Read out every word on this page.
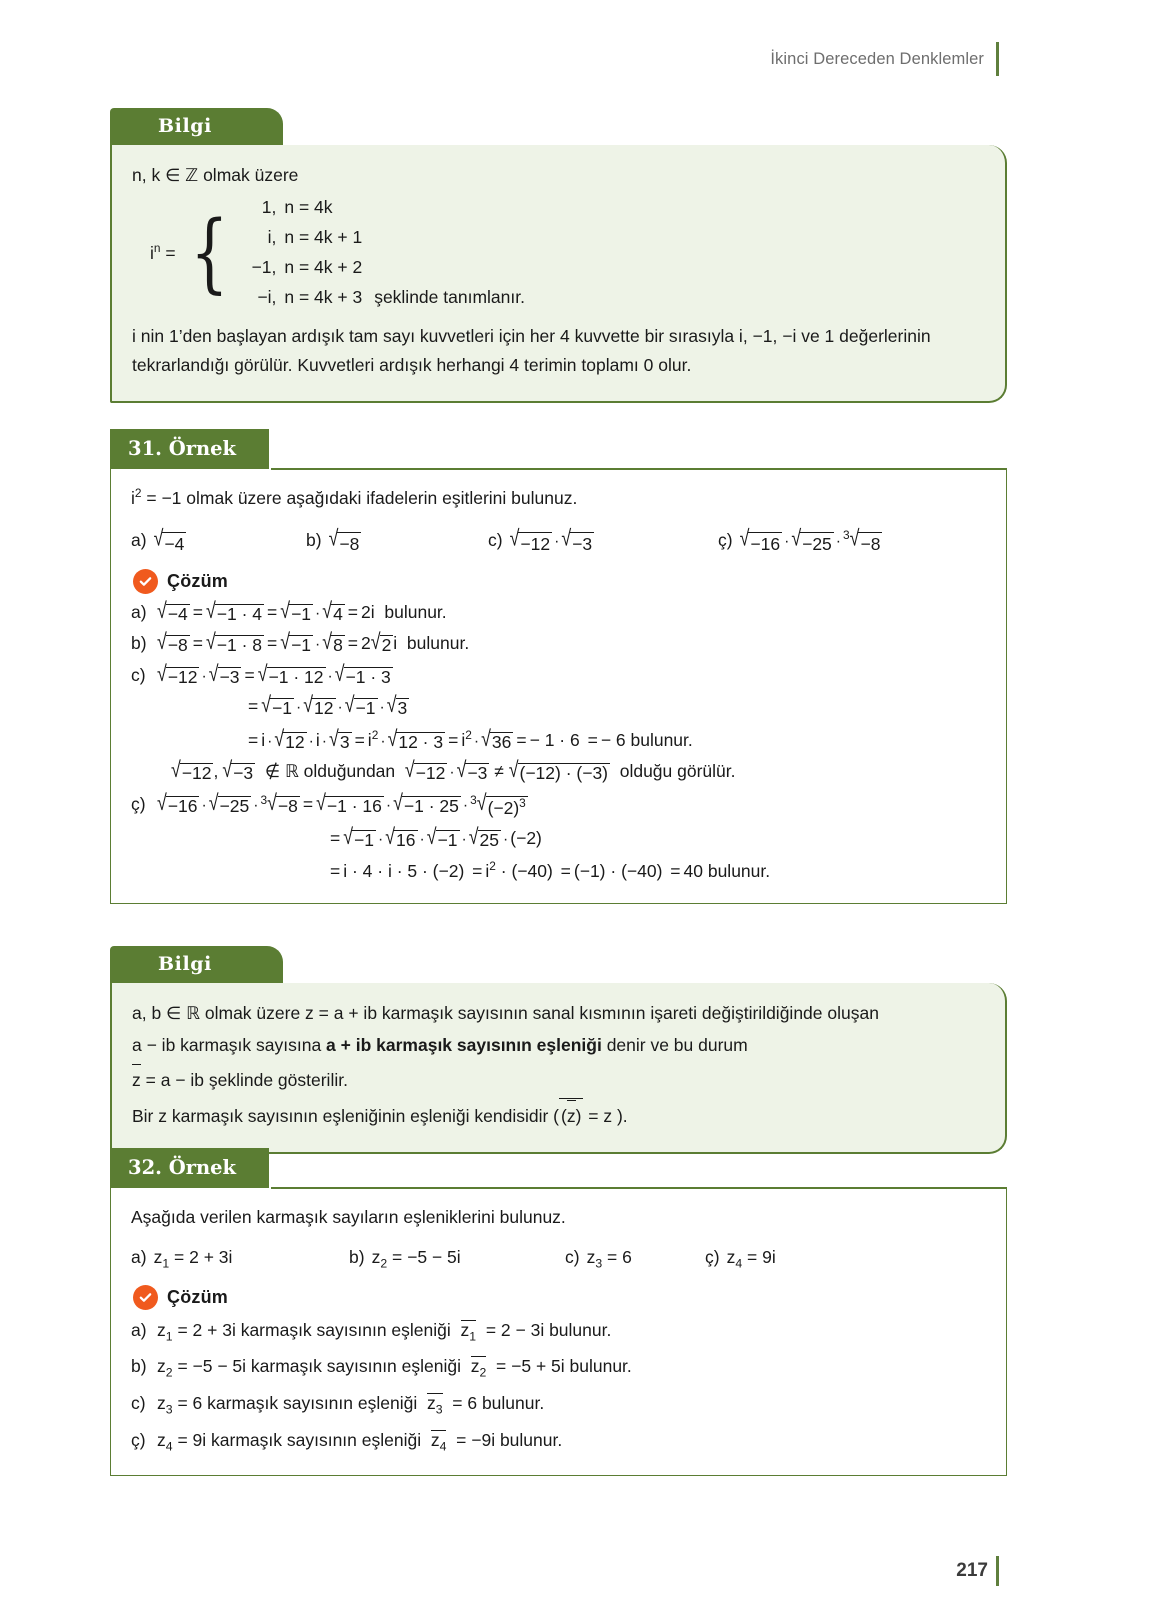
İkinci Dereceden Denklemler
Bilgi

n, k ∈ ℤ olmak üzere

$i^n$ = {	1, n = 4k
i, n = 4k + 1
−1, n = 4k + 2
−i, n = 4k + 3 şeklinde tanımlanır.

i nin 1’den başlayan ardışık tam sayı kuvvetleri için her 4 kuvvette bir sırasıyla i, −1, −i ve 1 değerlerinin tekrarlandığı görülür. Kuvvetleri ardışık herhangi 4 terimin toplamı 0 olur.

31. Örnek

$i^2 = -1$ olmak üzere aşağıdaki ifadelerin eşitlerini bulunuz.

a) √ −4	b) √ −8	c) √ −12 · √ −3	ç) √ −16 · √ −25 · $^3$ √ −8
Çözüm
a) √ −4 = √ −1 · 4 = √ −1 · √ 4 = 2i  bulunur.
b) √ −8 = √ −1 · 8 = √ −1 · √ 8 = 2 √ 2 i  bulunur.
c) √ −12 · √ −3 = √ −1 · 12 · √ −1 · 3
= √ −1 · √ 12 · √ −1 · √ 3
= i · √ 12 · i · √ $3 = i^2$ · √ $12 \cdot 3 = i^2$ · √ 36 = − 1 · 6 = − 6 bulunur.
√ −12 , √ −3 ∉ ℝ olduğundan √ −12 · √ −3 ≠ √ (−12) · (−3) olduğu görülür.
ç) √ −16 · √ −25 · $^3$ √ −8 = √ −1 · 16 · √ −1 · 25 · $^3$ √ $(-2)^3$
= √ −1 · √ 16 · √ −1 · √ 25 · (−2)
= $i \cdot 4 \cdot i \cdot 5 \cdot (-2) = i^2 \cdot (-40) = (-1) \cdot (-40) = 40$ bulunur.
Bilgi

a, b ∈ ℝ olmak üzere z = a + ib karmaşık sayısının sanal kısmının işareti değiştirildiğinde oluşan

a − ib karmaşık sayısına a + ib karmaşık sayısının eşleniği denir ve bu durum

z = a − ib şeklinde gösterilir.

Bir z karmaşık sayısının eşleniğinin eşleniği kendisidir ( (z) = z ).

32. Örnek

Aşağıda verilen karmaşık sayıların eşleniklerini bulunuz.

a) $z_1 = 2 + 3i$	b) $z_2 = -5 - 5i$	c) $z_3 = 6$	ç) $z_4 = 9i$
Çözüm
a) $z_1 = 2 + 3i$ karmaşık sayısının eşleniği $z_1 = 2 - 3i$ bulunur.
b) $z_2 = -5 - 5i$ karmaşık sayısının eşleniği $z_2 = -5 + 5i$ bulunur.
c) $z_3 = 6$ karmaşık sayısının eşleniği $z_3 = 6$ bulunur.
ç) $z_4 = 9i$ karmaşık sayısının eşleniği $z_4 = -9i$ bulunur.
217
